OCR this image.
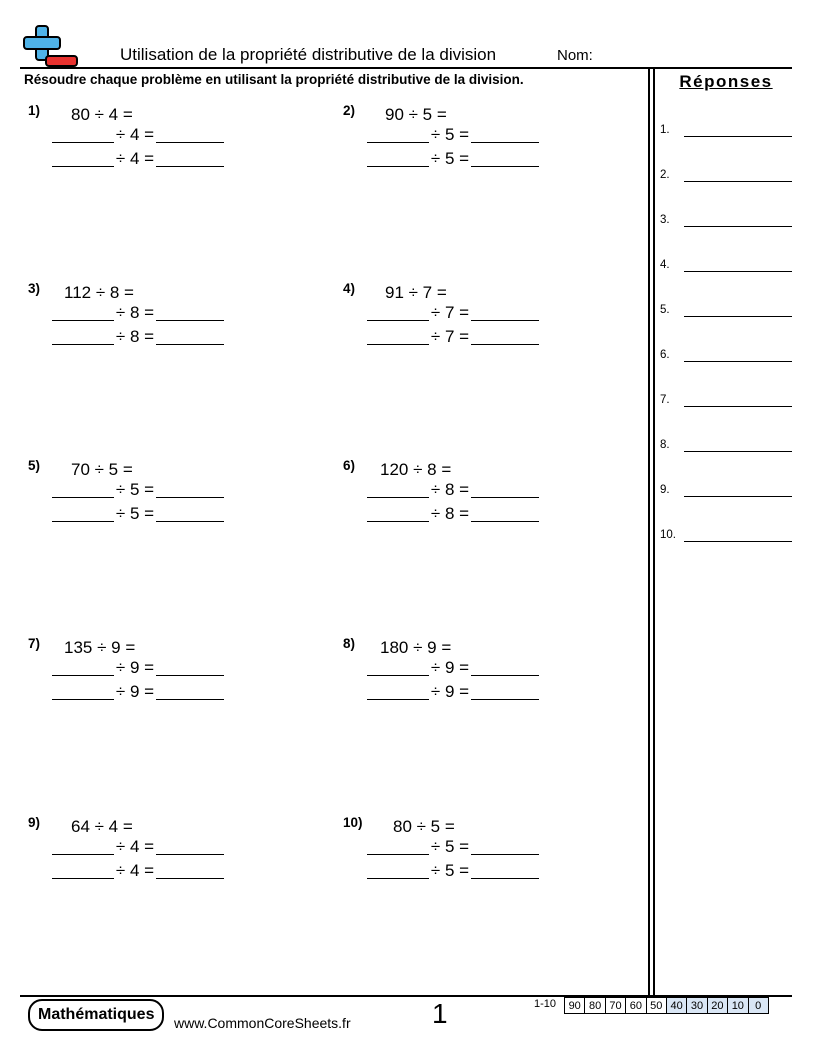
Utilisation de la propriété distributive de la division	Nom:
Résoudre chaque problème en utilisant la propriété distributive de la division.	Réponses
1) 80 ÷ 4 =
÷ 4 =
÷ 4 =
2) 90 ÷ 5 =
÷ 5 =
÷ 5 =
3) 112 ÷ 8 =
÷ 8 =
÷ 8 =
4) 91 ÷ 7 =
÷ 7 =
÷ 7 =
5) 70 ÷ 5 =
÷ 5 =
÷ 5 =
6) 120 ÷ 8 =
÷ 8 =
÷ 8 =
7) 135 ÷ 9 =
÷ 9 =
÷ 9 =
8) 180 ÷ 9 =
÷ 9 =
÷ 9 =
9) 64 ÷ 4 =
÷ 4 =
÷ 4 =
10) 80 ÷ 5 =
÷ 5 =
÷ 5 =
1.
2.
3.
4.
5.
6.
7.
8.
9.
10.
Mathématiques	www.CommonCoreSheets.fr	1	1-10	90 80 70 60 50 40 30 20 10	0
